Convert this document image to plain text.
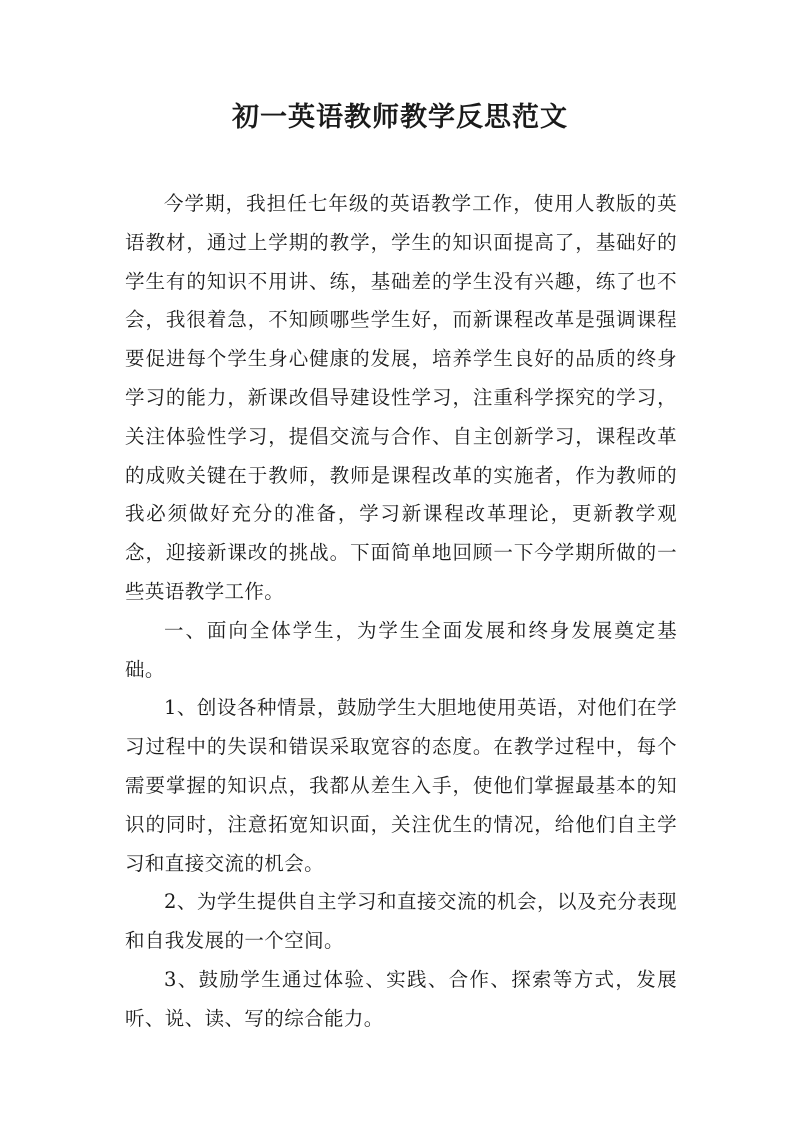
初一英语教师教学反思范文

今学期，我担任七年级的英语教学工作，使用人教版的英语教材，通过上学期的教学，学生的知识面提高了，基础好的学生有的知识不用讲、练，基础差的学生没有兴趣，练了也不会，我很着急，不知顾哪些学生好，而新课程改革是强调课程要促进每个学生身心健康的发展，培养学生良好的品质的终身学习的能力，新课改倡导建设性学习，注重科学探究的学习，关注体验性学习，提倡交流与合作、自主创新学习，课程改革的成败关键在于教师，教师是课程改革的实施者，作为教师的我必须做好充分的准备，学习新课程改革理论，更新教学观念，迎接新课改的挑战。下面简单地回顾一下今学期所做的一些英语教学工作。

一、面向全体学生，为学生全面发展和终身发展奠定基础。

1、创设各种情景，鼓励学生大胆地使用英语，对他们在学习过程中的失误和错误采取宽容的态度。在教学过程中，每个需要掌握的知识点，我都从差生入手，使他们掌握最基本的知识的同时，注意拓宽知识面，关注优生的情况，给他们自主学习和直接交流的机会。

2、为学生提供自主学习和直接交流的机会，以及充分表现和自我发展的一个空间。

3、鼓励学生通过体验、实践、合作、探索等方式，发展听、说、读、写的综合能力。
